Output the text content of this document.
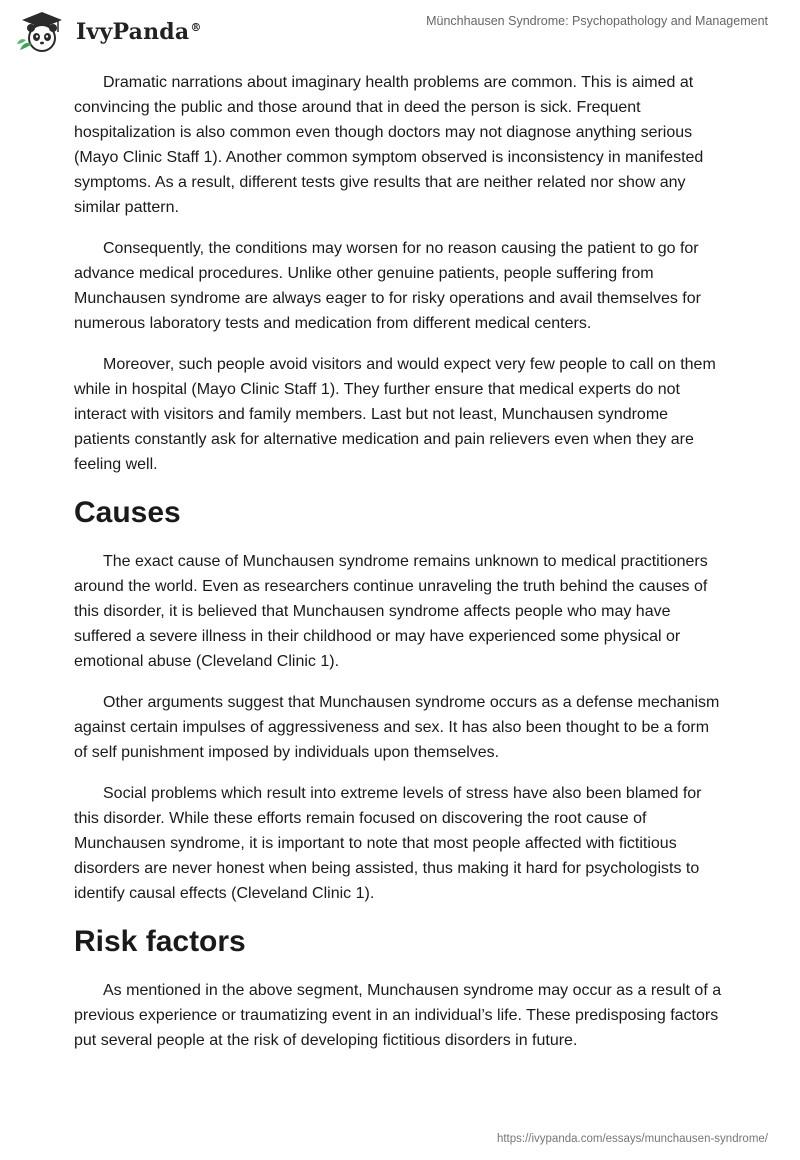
IvyPanda®	Münchhausen Syndrome: Psychopathology and Management

Dramatic narrations about imaginary health problems are common. This is aimed at convincing the public and those around that in deed the person is sick. Frequent hospitalization is also common even though doctors may not diagnose anything serious (Mayo Clinic Staff 1). Another common symptom observed is inconsistency in manifested symptoms. As a result, different tests give results that are neither related nor show any similar pattern.

Consequently, the conditions may worsen for no reason causing the patient to go for advance medical procedures. Unlike other genuine patients, people suffering from Munchausen syndrome are always eager to for risky operations and avail themselves for numerous laboratory tests and medication from different medical centers.

Moreover, such people avoid visitors and would expect very few people to call on them while in hospital (Mayo Clinic Staff 1). They further ensure that medical experts do not interact with visitors and family members. Last but not least, Munchausen syndrome patients constantly ask for alternative medication and pain relievers even when they are feeling well.

Causes

The exact cause of Munchausen syndrome remains unknown to medical practitioners around the world. Even as researchers continue unraveling the truth behind the causes of this disorder, it is believed that Munchausen syndrome affects people who may have suffered a severe illness in their childhood or may have experienced some physical or emotional abuse (Cleveland Clinic 1).

Other arguments suggest that Munchausen syndrome occurs as a defense mechanism against certain impulses of aggressiveness and sex. It has also been thought to be a form of self punishment imposed by individuals upon themselves.

Social problems which result into extreme levels of stress have also been blamed for this disorder. While these efforts remain focused on discovering the root cause of Munchausen syndrome, it is important to note that most people affected with fictitious disorders are never honest when being assisted, thus making it hard for psychologists to identify causal effects (Cleveland Clinic 1).

Risk factors

As mentioned in the above segment, Munchausen syndrome may occur as a result of a previous experience or traumatizing event in an individual’s life. These predisposing factors put several people at the risk of developing fictitious disorders in future.

https://ivypanda.com/essays/munchausen-syndrome/
